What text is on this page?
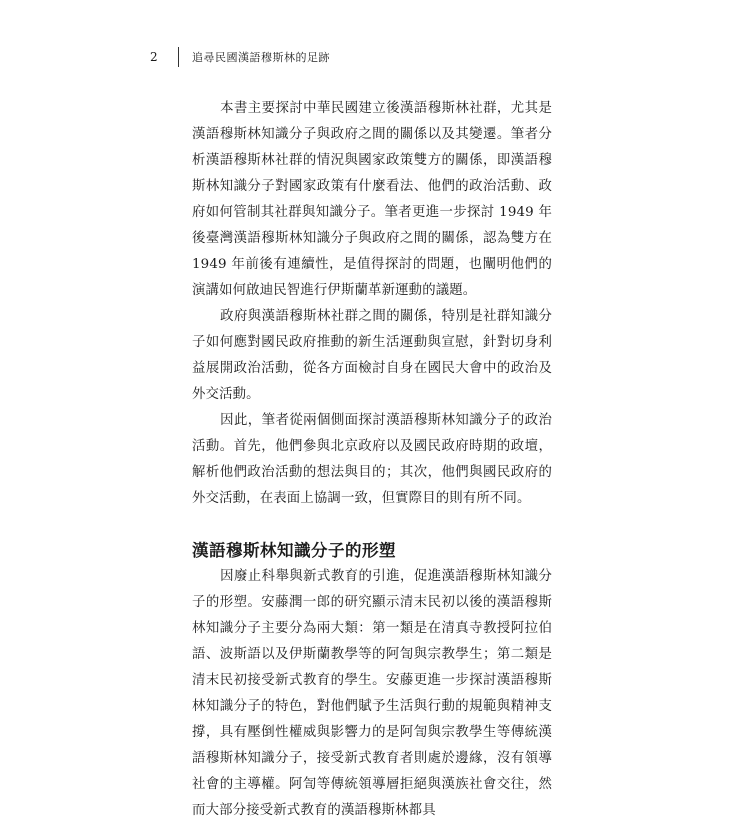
2	追尋民國漢語穆斯林的足跡

本書主要探討中華民國建立後漢語穆斯林社群，尤其是漢語穆斯林知識分子與政府之間的關係以及其變遷。筆者分析漢語穆斯林社群的情況與國家政策雙方的關係，即漢語穆斯林知識分子對國家政策有什麼看法、他們的政治活動、政府如何管制其社群與知識分子。筆者更進一步探討 1949 年後臺灣漢語穆斯林知識分子與政府之間的關係，認為雙方在 1949 年前後有連續性，是值得探討的問題，也闡明他們的演講如何啟迪民智進行伊斯蘭革新運動的議題。

政府與漢語穆斯林社群之間的關係，特別是社群知識分子如何應對國民政府推動的新生活運動與宣慰，針對切身利益展開政治活動，從各方面檢討自身在國民大會中的政治及外交活動。

因此，筆者從兩個側面探討漢語穆斯林知識分子的政治活動。首先，他們參與北京政府以及國民政府時期的政壇，解析他們政治活動的想法與目的；其次，他們與國民政府的外交活動，在表面上協調一致，但實際目的則有所不同。

漢語穆斯林知識分子的形塑

因廢止科舉與新式教育的引進，促進漢語穆斯林知識分子的形塑。安藤潤一郎的研究顯示清末民初以後的漢語穆斯林知識分子主要分為兩大類：第一類是在清真寺教授阿拉伯語、波斯語以及伊斯蘭教學等的阿訇與宗教學生；第二類是清末民初接受新式教育的學生。安藤更進一步探討漢語穆斯林知識分子的特色，對他們賦予生活與行動的規範與精神支撐，具有壓倒性權威與影響力的是阿訇與宗教學生等傳統漢語穆斯林知識分子，接受新式教育者則處於邊緣，沒有領導社會的主導權。阿訇等傳統領導層拒絕與漢族社會交往，然而大部分接受新式教育的漢語穆斯林都具
